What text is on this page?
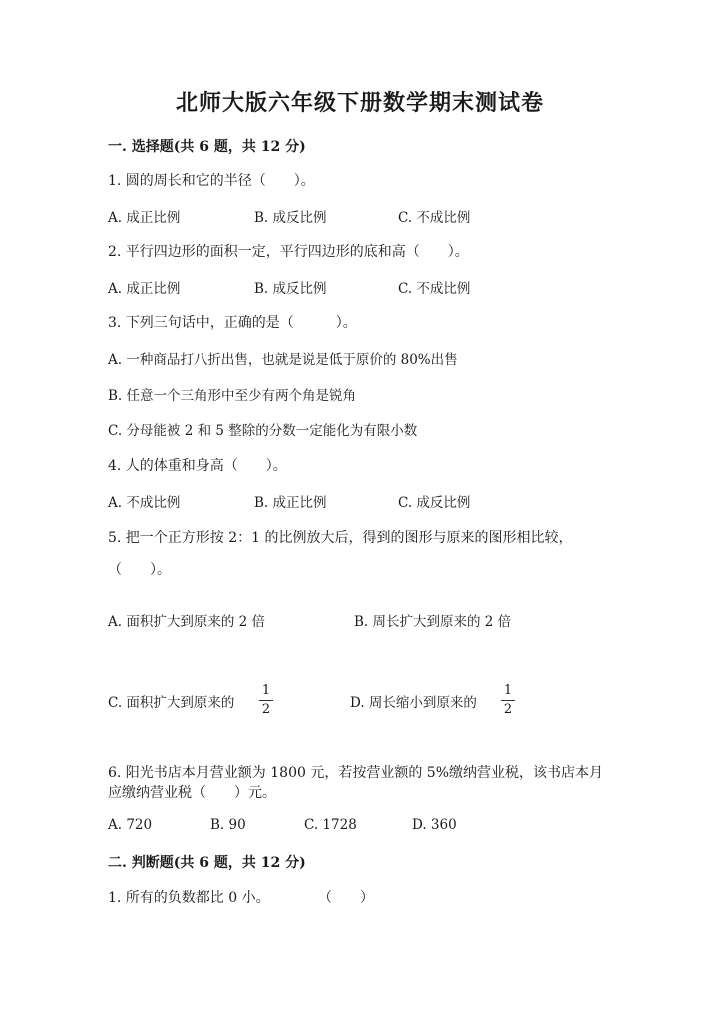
北师大版六年级下册数学期末测试卷
一. 选择题(共 6 题，共 12 分)
1. 圆的周长和它的半径（　　）。
A. 成正比例	B. 成反比例	C. 不成比例
2. 平行四边形的面积一定，平行四边形的底和高（　　）。
A. 成正比例	B. 成反比例	C. 不成比例
3. 下列三句话中，正确的是（　　　）。
A. 一种商品打八折出售，也就是说是低于原价的 80%出售
B. 任意一个三角形中至少有两个角是锐角
C. 分母能被 2 和 5 整除的分数一定能化为有限小数
4. 人的体重和身高（　　）。
A. 不成比例	B. 成正比例	C. 成反比例
5. 把一个正方形按 2：1 的比例放大后，得到的图形与原来的图形相比较，
（　　）。
A. 面积扩大到原来的 2 倍	B. 周长扩大到原来的 2 倍
C. 面积扩大到原来的
1
2	D. 周长缩小到原来的
1
2
6. 阳光书店本月营业额为 1800 元，若按营业额的 5%缴纳营业税，该书店本月
应缴纳营业税（　　）元。
A. 720	B. 90	C. 1728	D. 360
二. 判断题(共 6 题，共 12 分)
1. 所有的负数都比 0 小。	（　　）
